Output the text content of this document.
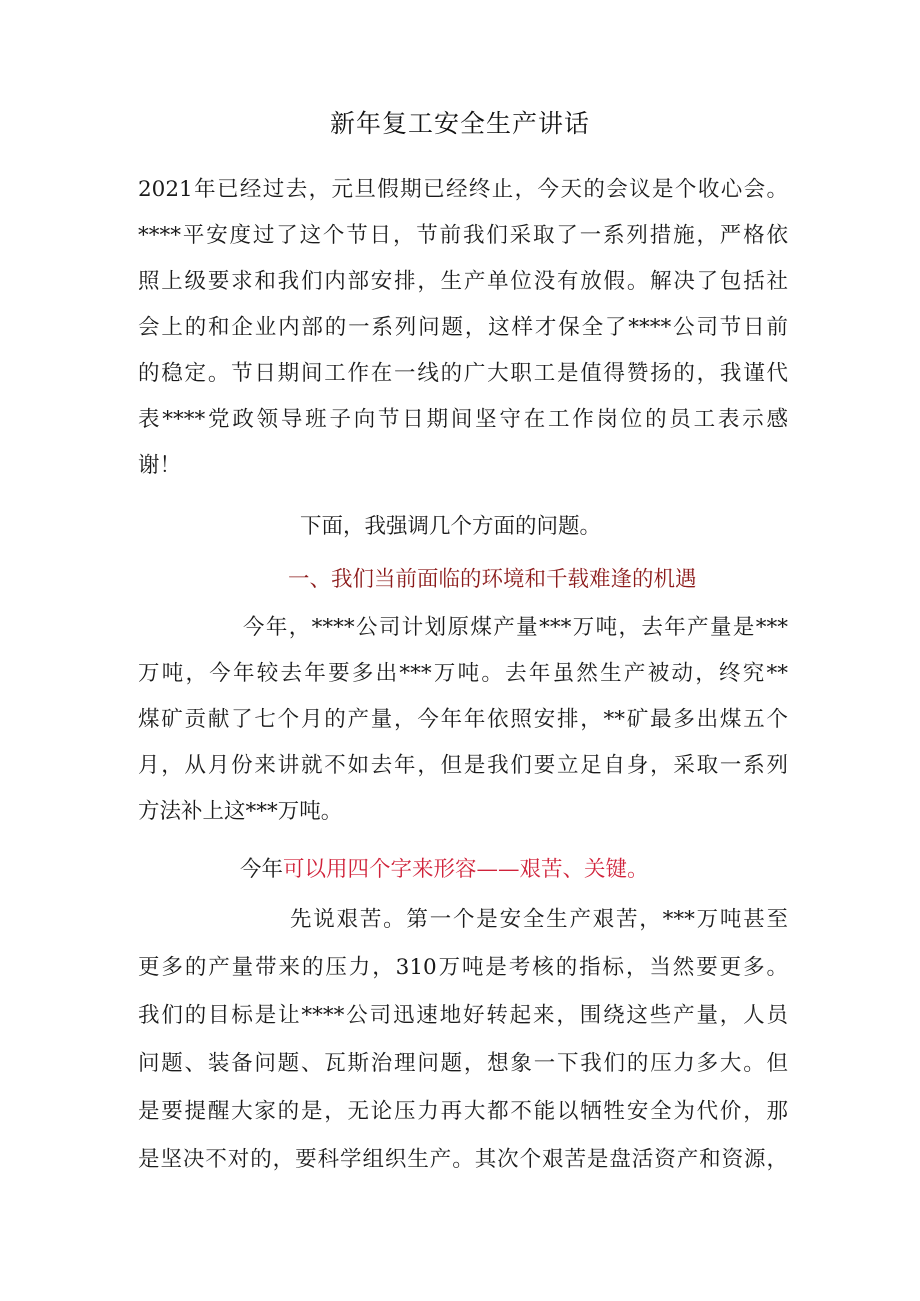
新年复工安全生产讲话
2021年已经过去，元旦假期已经终止，今天的会议是个收心会。
****平安度过了这个节日，节前我们采取了一系列措施，严格依
照上级要求和我们内部安排，生产单位没有放假。解决了包括社
会上的和企业内部的一系列问题，这样才保全了****公司节日前
的稳定。节日期间工作在一线的广大职工是值得赞扬的，我谨代
表****党政领导班子向节日期间坚守在工作岗位的员工表示感
谢！
下面，我强调几个方面的问题。
一、我们当前面临的环境和千载难逢的机遇
今年，****公司计划原煤产量***万吨，去年产量是***
万吨，今年较去年要多出***万吨。去年虽然生产被动，终究**
煤矿贡献了七个月的产量，今年年依照安排，**矿最多出煤五个
月，从月份来讲就不如去年，但是我们要立足自身，采取一系列
方法补上这***万吨。
今年可以用四个字来形容——艰苦、关键。
先说艰苦。第一个是安全生产艰苦，***万吨甚至
更多的产量带来的压力，310万吨是考核的指标，当然要更多。
我们的目标是让****公司迅速地好转起来，围绕这些产量，人员
问题、装备问题、瓦斯治理问题，想象一下我们的压力多大。但
是要提醒大家的是，无论压力再大都不能以牺牲安全为代价，那
是坚决不对的，要科学组织生产。其次个艰苦是盘活资产和资源，
